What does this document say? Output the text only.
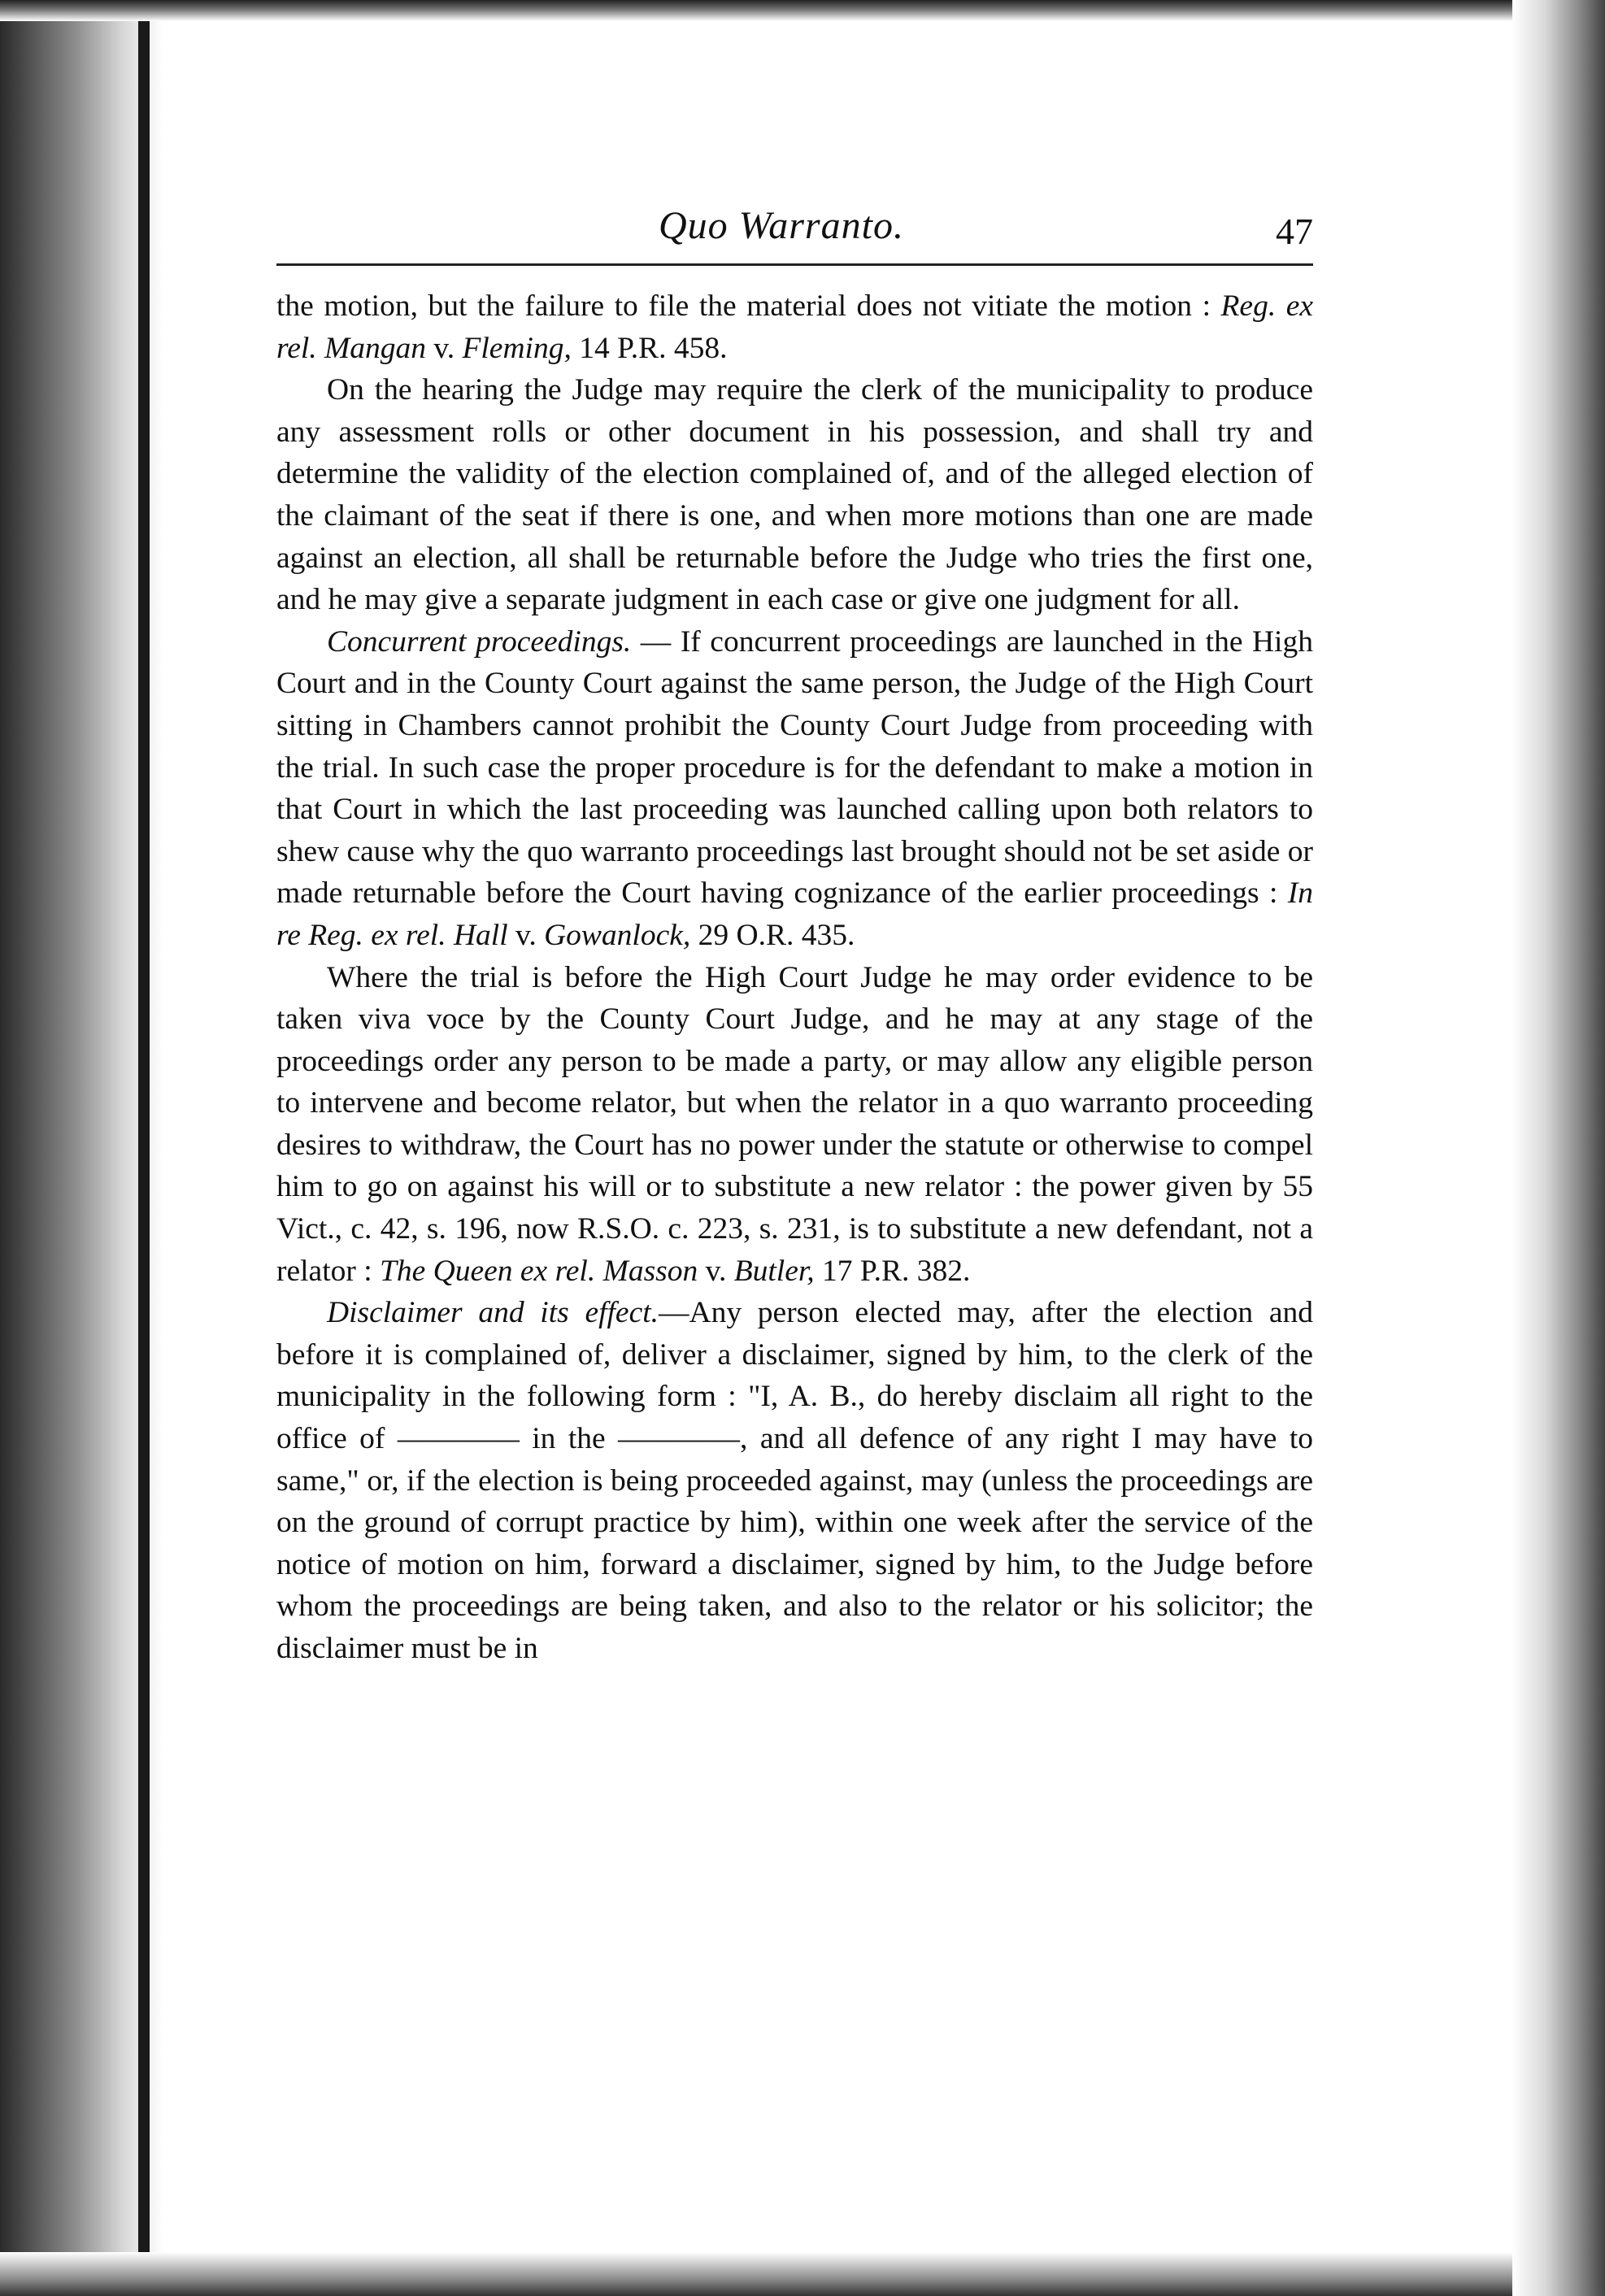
Quo Warranto.	47

the motion, but the failure to file the material does not vitiate the motion : Reg. ex rel. Mangan v. Fleming, 14 P.R. 458.

On the hearing the Judge may require the clerk of the municipality to produce any assessment rolls or other document in his possession, and shall try and determine the validity of the election complained of, and of the alleged election of the claimant of the seat if there is one, and when more motions than one are made against an election, all shall be returnable before the Judge who tries the first one, and he may give a separate judgment in each case or give one judgment for all.

Concurrent proceedings. — If concurrent proceedings are launched in the High Court and in the County Court against the same person, the Judge of the High Court sitting in Chambers cannot prohibit the County Court Judge from proceeding with the trial. In such case the proper procedure is for the defendant to make a motion in that Court in which the last proceeding was launched calling upon both relators to shew cause why the quo warranto proceedings last brought should not be set aside or made returnable before the Court having cognizance of the earlier proceedings : In re Reg. ex rel. Hall v. Gowanlock, 29 O.R. 435.

Where the trial is before the High Court Judge he may order evidence to be taken viva voce by the County Court Judge, and he may at any stage of the proceedings order any person to be made a party, or may allow any eligible person to intervene and become relator, but when the relator in a quo warranto proceeding desires to withdraw, the Court has no power under the statute or otherwise to compel him to go on against his will or to substitute a new relator : the power given by 55 Vict., c. 42, s. 196, now R.S.O. c. 223, s. 231, is to substitute a new defendant, not a relator : The Queen ex rel. Masson v. Butler, 17 P.R. 382.

Disclaimer and its effect.—Any person elected may, after the election and before it is complained of, deliver a disclaimer, signed by him, to the clerk of the municipality in the following form : "I, A. B., do hereby disclaim all right to the office of ———— in the ————, and all defence of any right I may have to same," or, if the election is being proceeded against, may (unless the proceedings are on the ground of corrupt practice by him), within one week after the service of the notice of motion on him, forward a disclaimer, signed by him, to the Judge before whom the proceedings are being taken, and also to the relator or his solicitor; the disclaimer must be in
